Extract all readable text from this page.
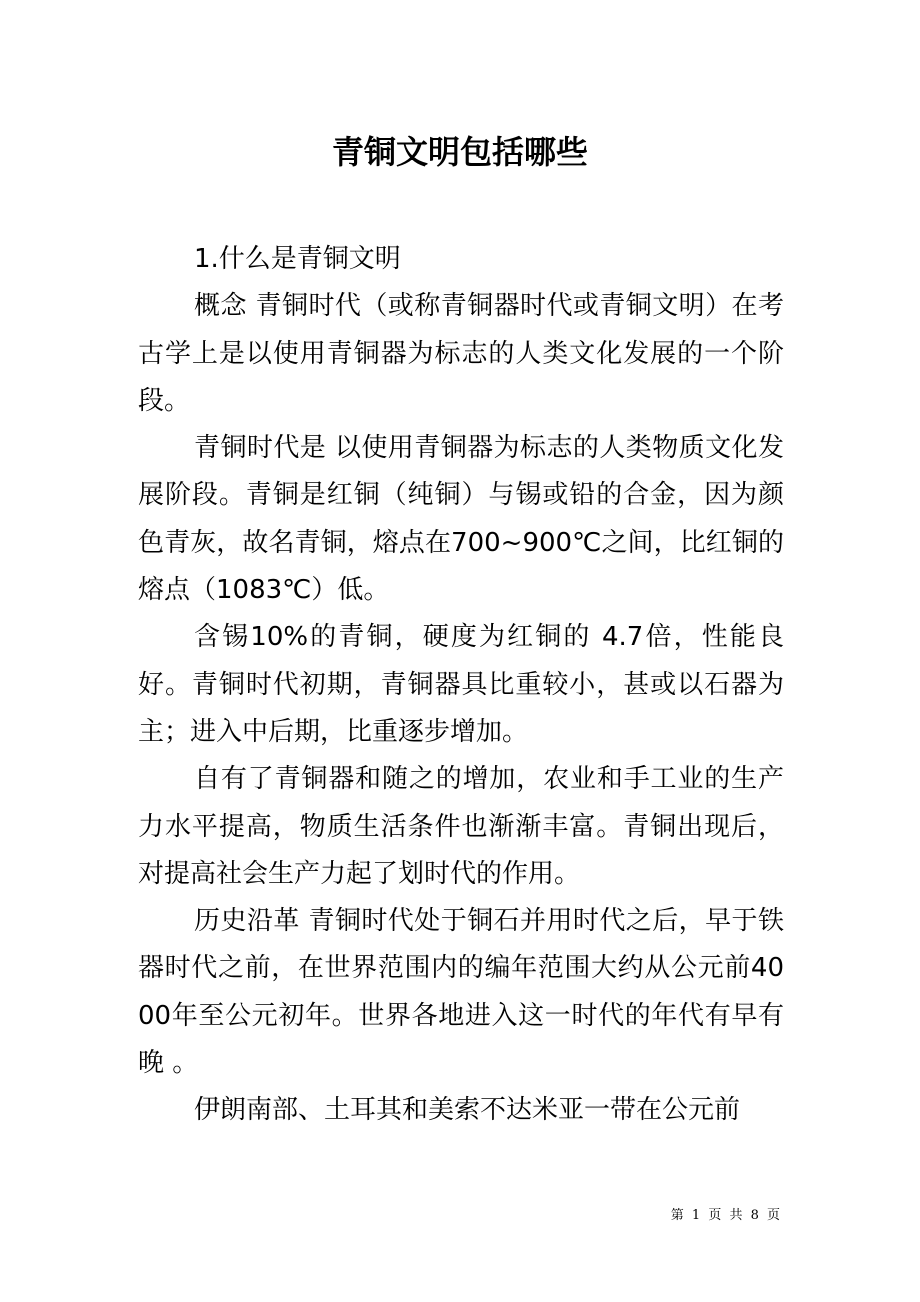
青铜文明包括哪些

1.什么是青铜文明

概念 青铜时代（或称青铜器时代或青铜文明）在考古学上是以使用青铜器为标志的人类文化发展的一个阶段。

青铜时代是 以使用青铜器为标志的人类物质文化发展阶段。青铜是红铜（纯铜）与锡或铅的合金，因为颜色青灰，故名青铜，熔点在700~900℃之间，比红铜的熔点（1083℃）低。

含锡10%的青铜，硬度为红铜的 4.7倍，性能良好。青铜时代初期，青铜器具比重较小，甚或以石器为主；进入中后期，比重逐步增加。

自有了青铜器和随之的增加，农业和手工业的生产力水平提高，物质生活条件也渐渐丰富。青铜出现后，对提高社会生产力起了划时代的作用。

历史沿革 青铜时代处于铜石并用时代之后，早于铁器时代之前，在世界范围内的编年范围大约从公元前4000年至公元初年。世界各地进入这一时代的年代有早有晚 。

伊朗南部、土耳其和美索不达米亚一带在公元前

第 1 页 共 8 页
